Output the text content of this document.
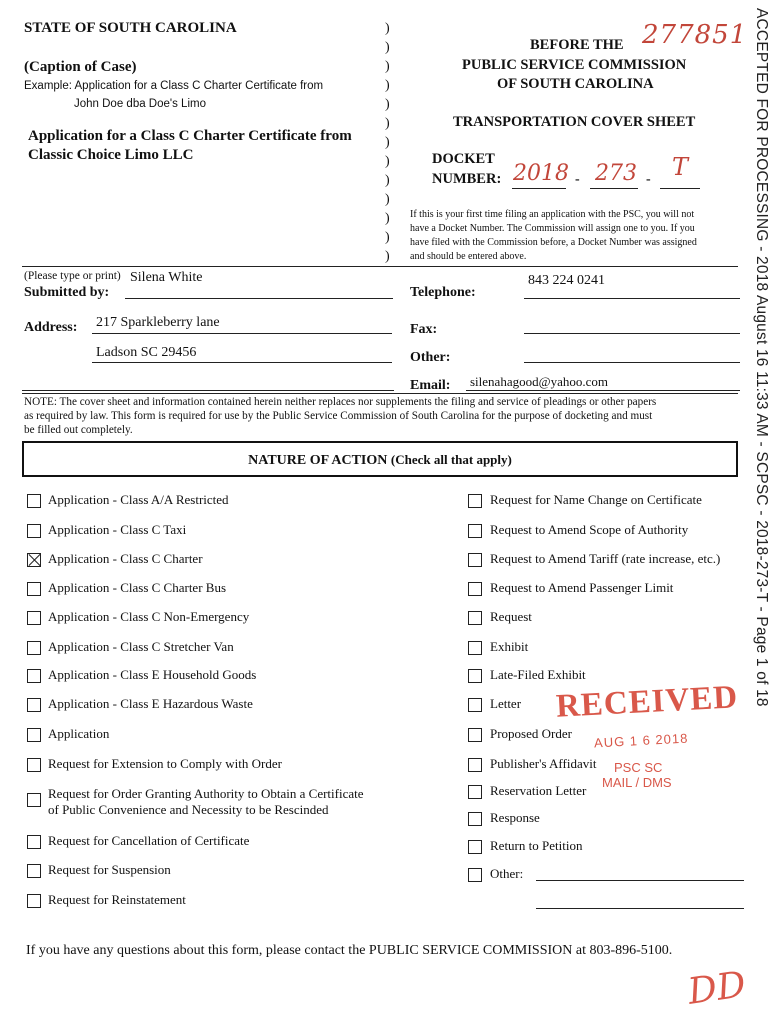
ACCEPTED FOR PROCESSING - 2018 August 16 11:33 AM - SCPSC - 2018-273-T - Page 1 of 18
STATE OF SOUTH CAROLINA
(Caption of Case)
Example: Application for a Class C Charter Certificate from
John Doe dba Doe's Limo
Application for a Class C Charter Certificate from
Classic Choice Limo LLC
)
)
)
)
)
)
)
)
)
)
)
)
)
BEFORE THE 277851
PUBLIC SERVICE COMMISSION
OF SOUTH CAROLINA
TRANSPORTATION COVER SHEET
DOCKET
NUMBER: 2018 - 273 - T
If this is your first time filing an application with the PSC, you will not
have a Docket Number. The Commission will assign one to you. If you
have filed with the Commission before, a Docket Number was assigned
and should be entered above.
(Please type or print) Silena White
Submitted by:	Telephone:
843 224 0241
Address: 217 Sparkleberry lane
Ladson SC 29456
Fax:
Other:
Email: silenahagood@yahoo.com
NOTE: The cover sheet and information contained herein neither replaces nor supplements the filing and service of pleadings or other papers
as required by law. This form is required for use by the Public Service Commission of South Carolina for the purpose of docketing and must
be filled out completely.
NATURE OF ACTION (Check all that apply)
Application - Class A/A Restricted
Application - Class C Taxi
Application - Class C Charter
Application - Class C Charter Bus
Application - Class C Non-Emergency
Application - Class C Stretcher Van
Application - Class E Household Goods
Application - Class E Hazardous Waste
Application
Request for Extension to Comply with Order
Request for Order Granting Authority to Obtain a Certificate
of Public Convenience and Necessity to be Rescinded
Request for Cancellation of Certificate
Request for Suspension
Request for Reinstatement
Request for Name Change on Certificate
Request to Amend Scope of Authority
Request to Amend Tariff (rate increase, etc.)
Request to Amend Passenger Limit
Request
Exhibit
Late-Filed Exhibit
Letter
Proposed Order
Publisher's Affidavit
Reservation Letter
Response
Return to Petition
Other:
RECEIVED
AUG 1 6 2018
PSC SC
MAIL / DMS
If you have any questions about this form, please contact the PUBLIC SERVICE COMMISSION at 803-896-5100.
DD
